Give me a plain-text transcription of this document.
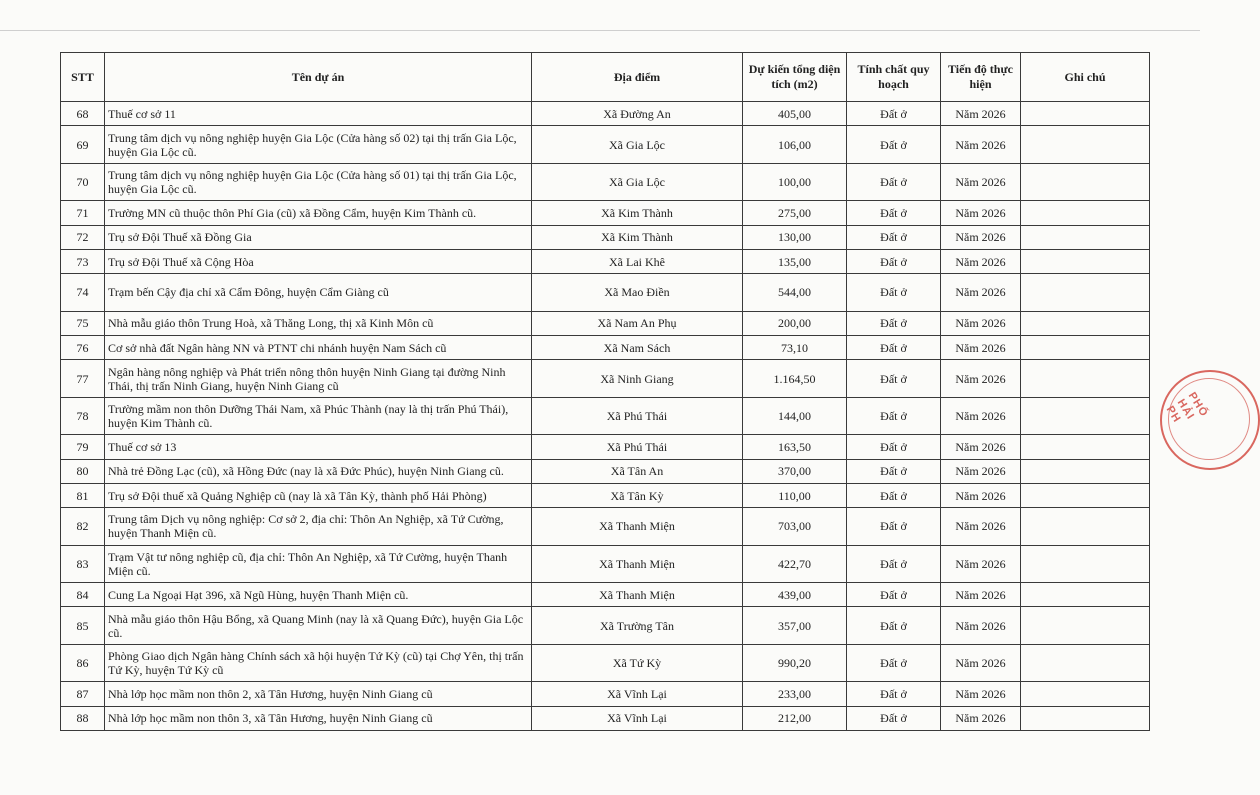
STT	Tên dự án	Địa điểm	Dự kiến tổng diện tích (m2)	Tính chất quy hoạch	Tiến độ thực hiện	Ghi chú
68	Thuế cơ sở 11	Xã Đường An	405,00	Đất ở	Năm 2026	
69	Trung tâm dịch vụ nông nghiệp huyện Gia Lộc (Cửa hàng số 02) tại thị trấn Gia Lộc, huyện Gia Lộc cũ.	Xã Gia Lộc	106,00	Đất ở	Năm 2026	
70	Trung tâm dịch vụ nông nghiệp huyện Gia Lộc (Cửa hàng số 01) tại thị trấn Gia Lộc, huyện Gia Lộc cũ.	Xã Gia Lộc	100,00	Đất ở	Năm 2026	
71	Trường MN cũ thuộc thôn Phí Gia (cũ) xã Đồng Cẩm, huyện Kim Thành cũ.	Xã Kim Thành	275,00	Đất ở	Năm 2026	
72	Trụ sở Đội Thuế xã Đồng Gia	Xã Kim Thành	130,00	Đất ở	Năm 2026	
73	Trụ sở Đội Thuế xã Cộng Hòa	Xã Lai Khê	135,00	Đất ở	Năm 2026	
74	Trạm bến Cậy địa chỉ xã Cẩm Đông, huyện Cẩm Giàng cũ	Xã Mao Điền	544,00	Đất ở	Năm 2026	
75	Nhà mẫu giáo thôn Trung Hoà, xã Thăng Long, thị xã Kinh Môn cũ	Xã Nam An Phụ	200,00	Đất ở	Năm 2026	
76	Cơ sở nhà đất Ngân hàng NN và PTNT chi nhánh huyện Nam Sách cũ	Xã Nam Sách	73,10	Đất ở	Năm 2026	
77	Ngân hàng nông nghiệp và Phát triển nông thôn huyện Ninh Giang tại đường Ninh Thái, thị trấn Ninh Giang, huyện Ninh Giang cũ	Xã Ninh Giang	1.164,50	Đất ở	Năm 2026	
78	Trường mầm non thôn Dưỡng Thái Nam, xã Phúc Thành (nay là thị trấn Phú Thái), huyện Kim Thành cũ.	Xã Phú Thái	144,00	Đất ở	Năm 2026	
79	Thuế cơ sở 13	Xã Phú Thái	163,50	Đất ở	Năm 2026	
80	Nhà trẻ Đồng Lạc (cũ), xã Hồng Đức (nay là xã Đức Phúc), huyện Ninh Giang cũ.	Xã Tân An	370,00	Đất ở	Năm 2026	
81	Trụ sở Đội thuế xã Quảng Nghiệp cũ (nay là xã Tân Kỳ, thành phố Hải Phòng)	Xã Tân Kỳ	110,00	Đất ở	Năm 2026	
82	Trung tâm Dịch vụ nông nghiệp: Cơ sở 2, địa chỉ: Thôn An Nghiệp, xã Tứ Cường, huyện Thanh Miện cũ.	Xã Thanh Miện	703,00	Đất ở	Năm 2026	
83	Trạm Vật tư nông nghiệp cũ, địa chỉ: Thôn An Nghiệp, xã Tứ Cường, huyện Thanh Miện cũ.	Xã Thanh Miện	422,70	Đất ở	Năm 2026	
84	Cung La Ngoại Hạt 396, xã Ngũ Hùng, huyện Thanh Miện cũ.	Xã Thanh Miện	439,00	Đất ở	Năm 2026	
85	Nhà mẫu giáo thôn Hậu Bổng, xã Quang Minh (nay là xã Quang Đức), huyện Gia Lộc cũ.	Xã Trường Tân	357,00	Đất ở	Năm 2026	
86	Phòng Giao dịch Ngân hàng Chính sách xã hội huyện Tứ Kỳ (cũ) tại Chợ Yên, thị trấn Tứ Kỳ, huyện Tứ Kỳ cũ	Xã Tứ Kỳ	990,20	Đất ở	Năm 2026	
87	Nhà lớp học mầm non thôn 2, xã Tân Hương, huyện Ninh Giang cũ	Xã Vĩnh Lại	233,00	Đất ở	Năm 2026	
88	Nhà lớp học mầm non thôn 3, xã Tân Hương, huyện Ninh Giang cũ	Xã Vĩnh Lại	212,00	Đất ở	Năm 2026	
PHỐ HẢI PH
